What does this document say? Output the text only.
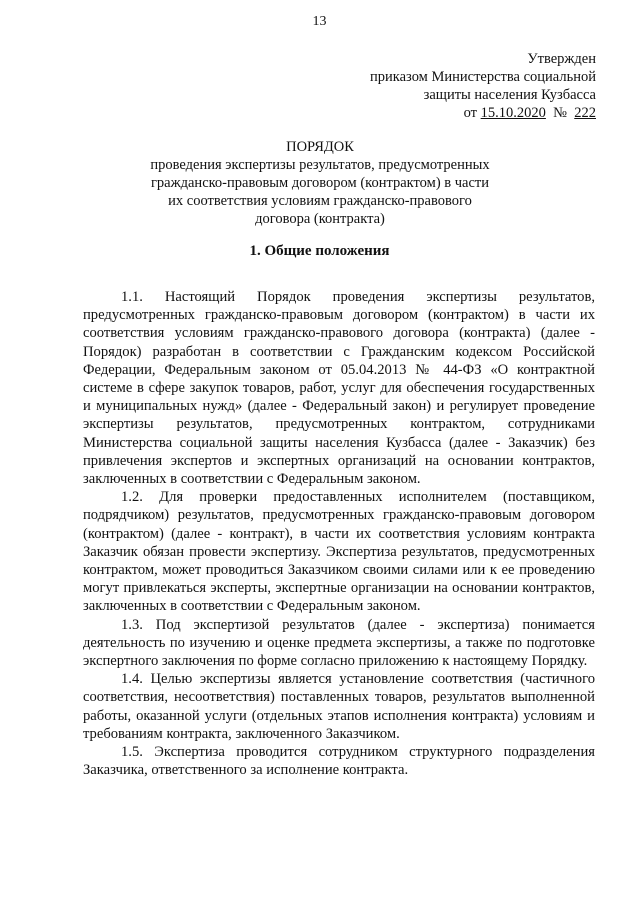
13
Утвержден
приказом Министерства социальной
защиты населения Кузбасса
от 15.10.2020 № 222
ПОРЯДОК
проведения экспертизы результатов, предусмотренных
гражданско-правовым договором (контрактом) в части
их соответствия условиям гражданско-правового
договора (контракта)
1. Общие положения

1.1. Настоящий Порядок проведения экспертизы результатов, предусмотренных гражданско-правовым договором (контрактом) в части их соответствия условиям гражданско-правового договора (контракта) (далее - Порядок) разработан в соответствии с Гражданским кодексом Российской Федерации, Федеральным законом от 05.04.2013 № 44-ФЗ «О контрактной системе в сфере закупок товаров, работ, услуг для обеспечения государственных и муниципальных нужд» (далее - Федеральный закон) и регулирует проведение экспертизы результатов, предусмотренных контрактом, сотрудниками Министерства социальной защиты населения Кузбасса (далее - Заказчик) без привлечения экспертов и экспертных организаций на основании контрактов, заключенных в соответствии с Федеральным законом.

1.2. Для проверки предоставленных исполнителем (поставщиком, подрядчиком) результатов, предусмотренных гражданско-правовым договором (контрактом) (далее - контракт), в части их соответствия условиям контракта Заказчик обязан провести экспертизу. Экспертиза результатов, предусмотренных контрактом, может проводиться Заказчиком своими силами или к ее проведению могут привлекаться эксперты, экспертные организации на основании контрактов, заключенных в соответствии с Федеральным законом.

1.3. Под экспертизой результатов (далее - экспертиза) понимается деятельность по изучению и оценке предмета экспертизы, а также по подготовке экспертного заключения по форме согласно приложению к настоящему Порядку.

1.4. Целью экспертизы является установление соответствия (частичного соответствия, несоответствия) поставленных товаров, результатов выполненной работы, оказанной услуги (отдельных этапов исполнения контракта) условиям и требованиям контракта, заключенного Заказчиком.

1.5. Экспертиза проводится сотрудником структурного подразделения Заказчика, ответственного за исполнение контракта.
